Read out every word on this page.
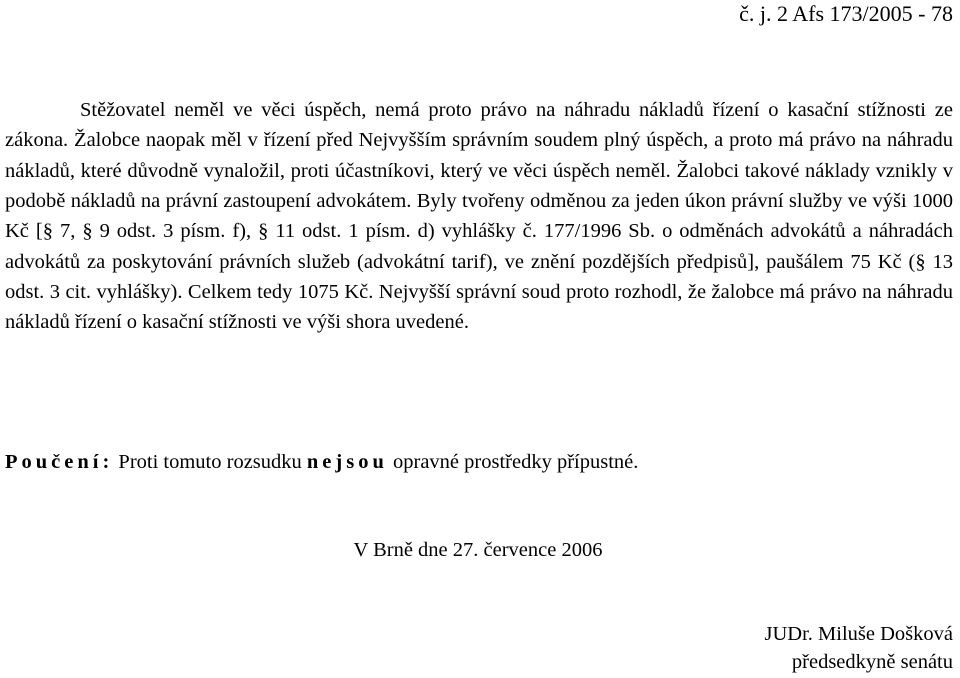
č. j. 2 Afs 173/2005 - 78

Stěžovatel neměl ve věci úspěch, nemá proto právo na náhradu nákladů řízení o kasační stížnosti ze zákona. Žalobce naopak měl v řízení před Nejvyšším správním soudem plný úspěch, a proto má právo na náhradu nákladů, které důvodně vynaložil, proti účastníkovi, který ve věci úspěch neměl. Žalobci takové náklady vznikly v podobě nákladů na právní zastoupení advokátem. Byly tvořeny odměnou za jeden úkon právní služby ve výši 1000 Kč [§ 7, § 9 odst. 3 písm. f), § 11 odst. 1 písm. d) vyhlášky č. 177/1996 Sb. o odměnách advokátů a náhradách advokátů za poskytování právních služeb (advokátní tarif), ve znění pozdějších předpisů], paušálem 75 Kč (§ 13 odst. 3 cit. vyhlášky). Celkem tedy 1075 Kč. Nejvyšší správní soud proto rozhodl, že žalobce má právo na náhradu nákladů řízení o kasační stížnosti ve výši shora uvedené.

Poučení: Proti tomuto rozsudku nejsou opravné prostředky přípustné.

V Brně dne 27. července 2006
JUDr. Miluše Došková
předsedkyně senátu
